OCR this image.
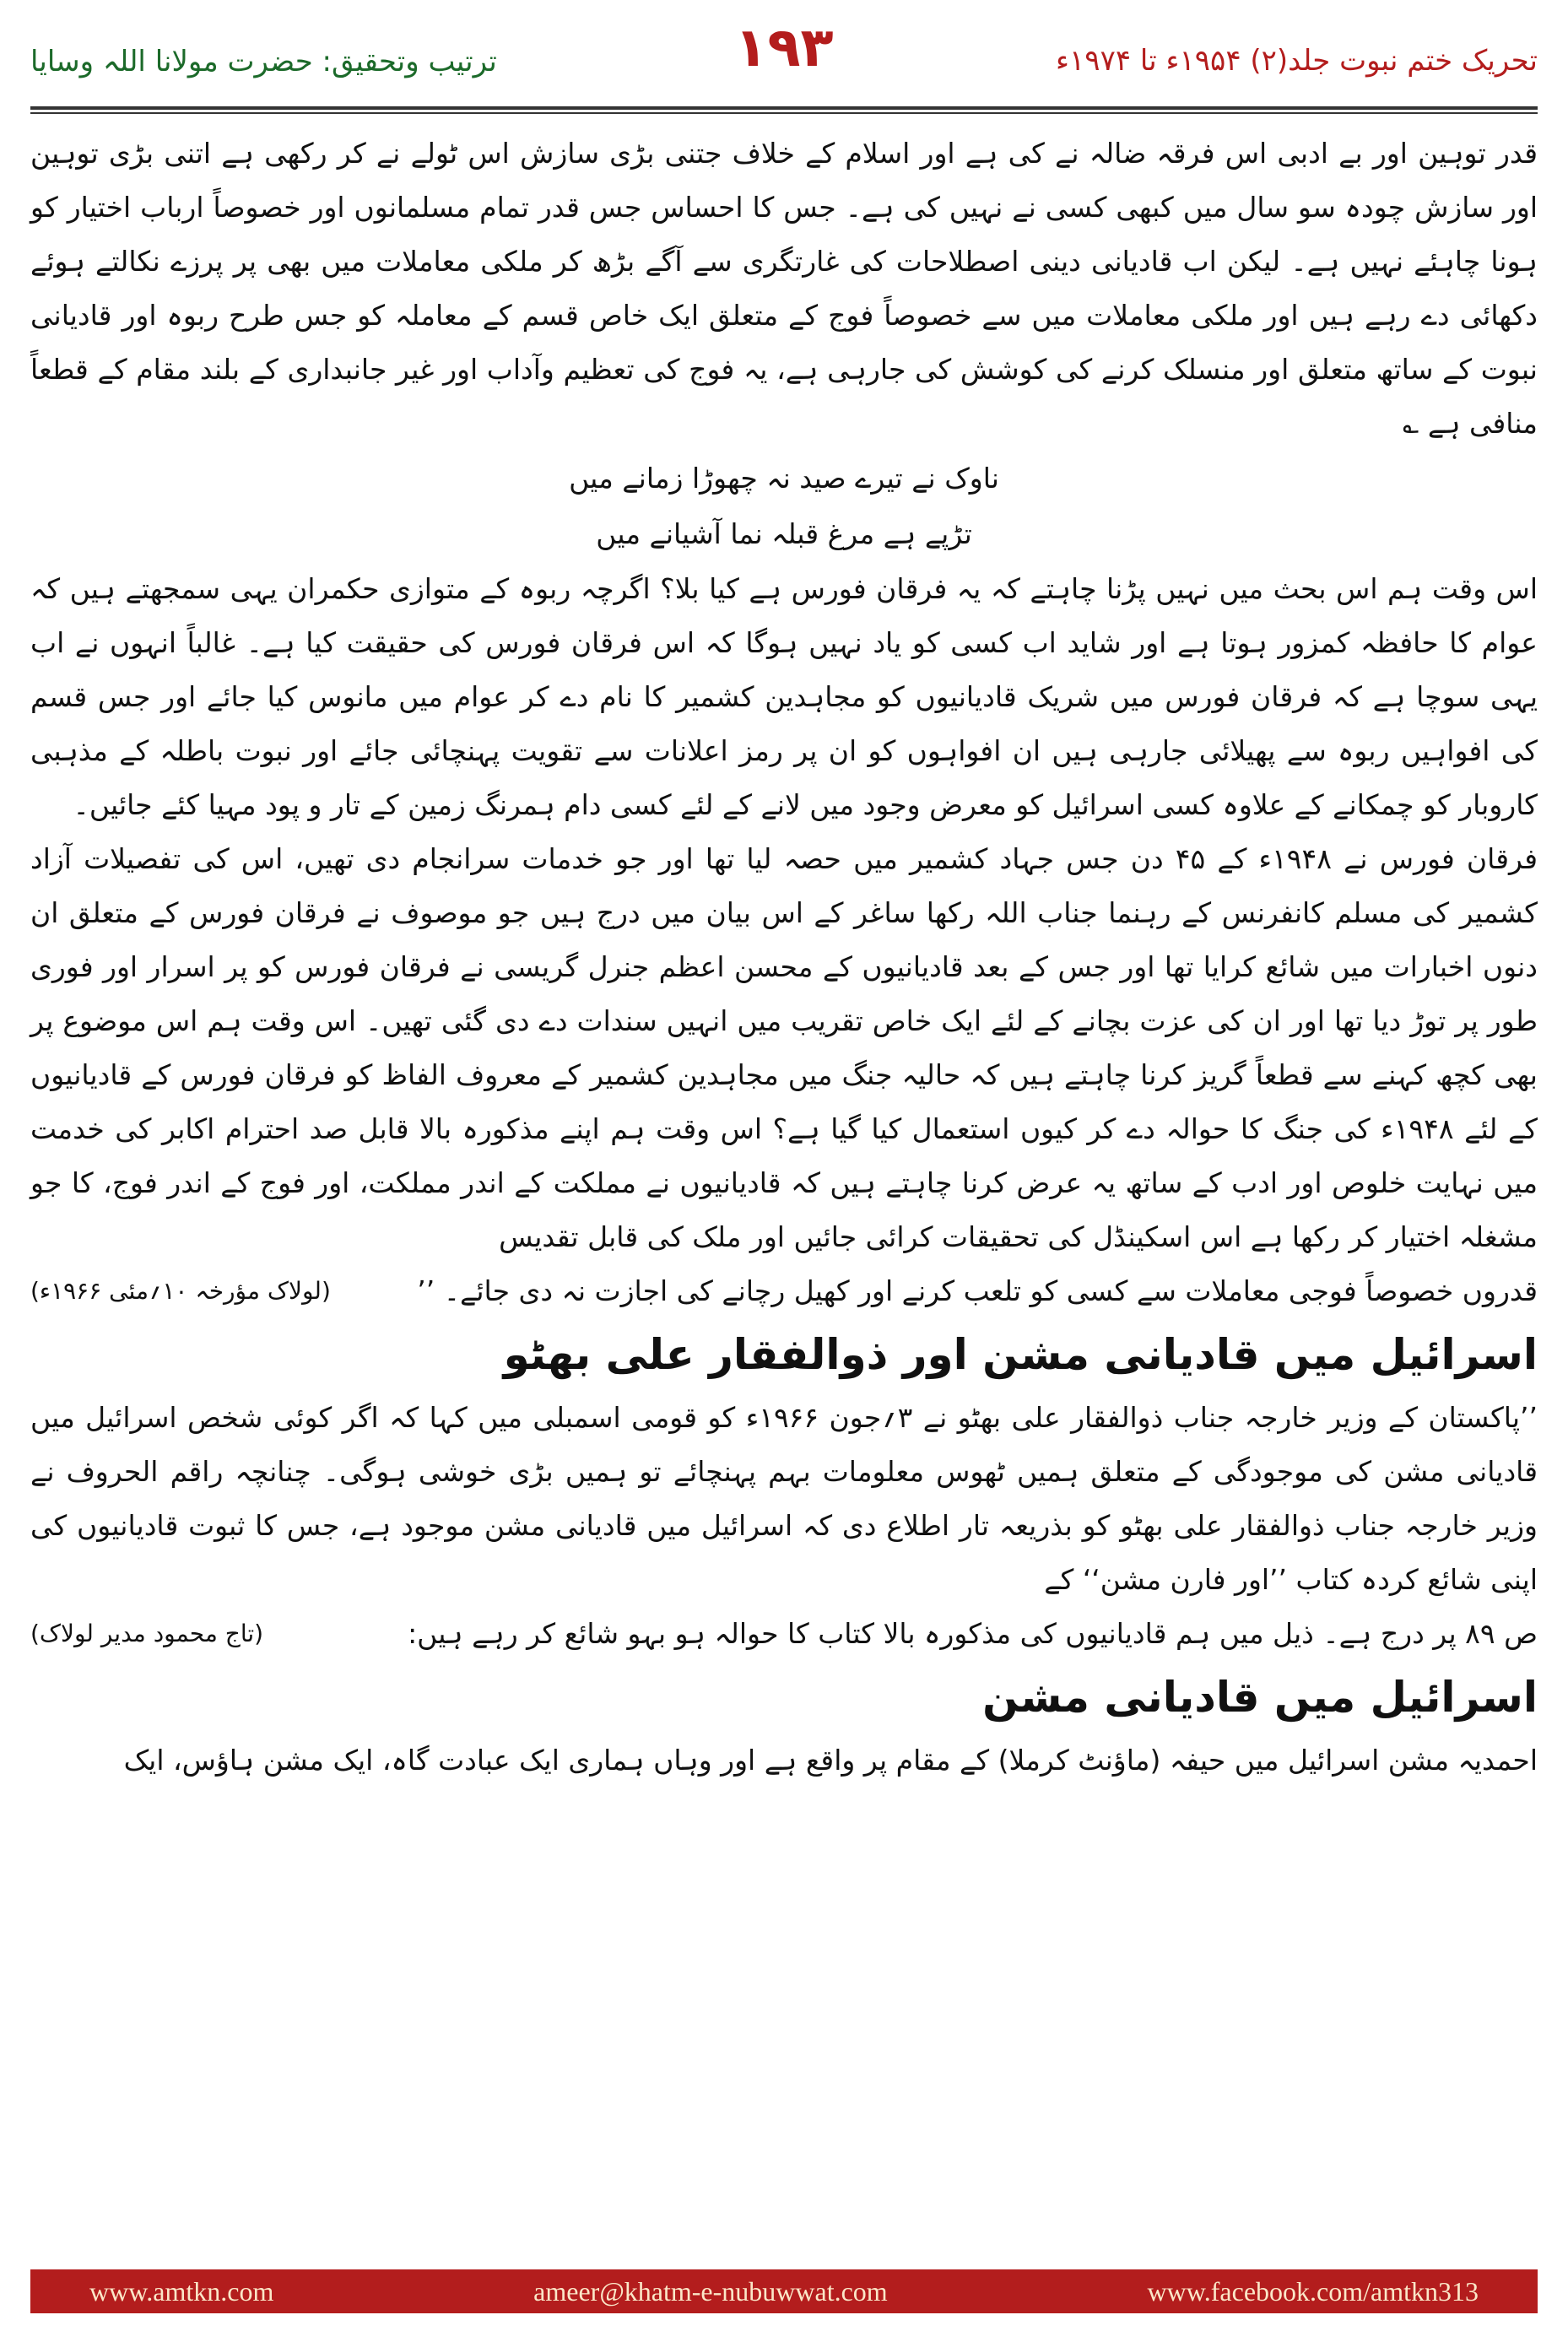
ترتیب وتحقیق: حضرت مولانا اللہ وسایا	۱۹۳	تحریک ختم نبوت جلد(۲) ۱۹۵۴ء تا ۱۹۷۴ء

قدر توہین اور بے ادبی اس فرقہ ضالہ نے کی ہے اور اسلام کے خلاف جتنی بڑی سازش اس ٹولے نے کر رکھی ہے اتنی بڑی توہین اور سازش چودہ سو سال میں کبھی کسی نے نہیں کی ہے۔ جس کا احساس جس قدر تمام مسلمانوں اور خصوصاً ارباب اختیار کو ہونا چاہئے نہیں ہے۔ لیکن اب قادیانی دینی اصطلاحات کی غارتگری سے آگے بڑھ کر ملکی معاملات میں بھی پر پرزے نکالتے ہوئے دکھائی دے رہے ہیں اور ملکی معاملات میں سے خصوصاً فوج کے متعلق ایک خاص قسم کے معاملہ کو جس طرح ربوہ اور قادیانی نبوت کے ساتھ متعلق اور منسلک کرنے کی کوشش کی جارہی ہے، یہ فوج کی تعظیم وآداب اور غیر جانبداری کے بلند مقام کے قطعاً منافی ہے ؎

ناوک نے تیرے صید نہ چھوڑا زمانے میں

تڑپے ہے مرغ قبلہ نما آشیانے میں

اس وقت ہم اس بحث میں نہیں پڑنا چاہتے کہ یہ فرقان فورس ہے کیا بلا؟ اگرچہ ربوہ کے متوازی حکمران یہی سمجھتے ہیں کہ عوام کا حافظہ کمزور ہوتا ہے اور شاید اب کسی کو یاد نہیں ہوگا کہ اس فرقان فورس کی حقیقت کیا ہے۔ غالباً انہوں نے اب یہی سوچا ہے کہ فرقان فورس میں شریک قادیانیوں کو مجاہدین کشمیر کا نام دے کر عوام میں مانوس کیا جائے اور جس قسم کی افواہیں ربوہ سے پھیلائی جارہی ہیں ان افواہوں کو ان پر رمز اعلانات سے تقویت پہنچائی جائے اور نبوت باطلہ کے مذہبی کاروبار کو چمکانے کے علاوہ کسی اسرائیل کو معرض وجود میں لانے کے لئے کسی دام ہمرنگ زمین کے تار و پود مہیا کئے جائیں۔

فرقان فورس نے ۱۹۴۸ء کے ۴۵ دن جس جہاد کشمیر میں حصہ لیا تھا اور جو خدمات سرانجام دی تھیں، اس کی تفصیلات آزاد کشمیر کی مسلم کانفرنس کے رہنما جناب اللہ رکھا ساغر کے اس بیان میں درج ہیں جو موصوف نے فرقان فورس کے متعلق ان دنوں اخبارات میں شائع کرایا تھا اور جس کے بعد قادیانیوں کے محسن اعظم جنرل گریسی نے فرقان فورس کو پر اسرار اور فوری طور پر توڑ دیا تھا اور ان کی عزت بچانے کے لئے ایک خاص تقریب میں انہیں سندات دے دی گئی تھیں۔ اس وقت ہم اس موضوع پر بھی کچھ کہنے سے قطعاً گریز کرنا چاہتے ہیں کہ حالیہ جنگ میں مجاہدین کشمیر کے معروف الفاظ کو فرقان فورس کے قادیانیوں کے لئے ۱۹۴۸ء کی جنگ کا حوالہ دے کر کیوں استعمال کیا گیا ہے؟ اس وقت ہم اپنے مذکورہ بالا قابل صد احترام اکابر کی خدمت میں نہایت خلوص اور ادب کے ساتھ یہ عرض کرنا چاہتے ہیں کہ قادیانیوں نے مملکت کے اندر مملکت، اور فوج کے اندر فوج، کا جو مشغلہ اختیار کر رکھا ہے اس اسکینڈل کی تحقیقات کرائی جائیں اور ملک کی قابل تقدیس

قدروں خصوصاً فوجی معاملات سے کسی کو تلعب کرنے اور کھیل رچانے کی اجازت نہ دی جائے۔ ’’
(لولاک مؤرخہ ۱۰؍مئی ۱۹۶۶ء)
اسرائیل میں قادیانی مشن اور ذوالفقار علی بھٹو

’’پاکستان کے وزیر خارجہ جناب ذوالفقار علی بھٹو نے ۳؍جون ۱۹۶۶ء کو قومی اسمبلی میں کہا کہ اگر کوئی شخص اسرائیل میں قادیانی مشن کی موجودگی کے متعلق ہمیں ٹھوس معلومات بہم پہنچائے تو ہمیں بڑی خوشی ہوگی۔ چنانچہ راقم الحروف نے وزیر خارجہ جناب ذوالفقار علی بھٹو کو بذریعہ تار اطلاع دی کہ اسرائیل میں قادیانی مشن موجود ہے، جس کا ثبوت قادیانیوں کی اپنی شائع کردہ کتاب ’’اور فارن مشن‘‘ کے

ص ۸۹ پر درج ہے۔ ذیل میں ہم قادیانیوں کی مذکورہ بالا کتاب کا حوالہ ہو بہو شائع کر رہے ہیں:
(تاج محمود مدیر لولاک)
اسرائیل میں قادیانی مشن

احمدیہ مشن اسرائیل میں حیفہ (ماؤنٹ کرملا) کے مقام پر واقع ہے اور وہاں ہماری ایک عبادت گاہ، ایک مشن ہاؤس، ایک

www.amtkn.com	ameer@khatm-e-nubuwwat.com	www.facebook.com/amtkn313
